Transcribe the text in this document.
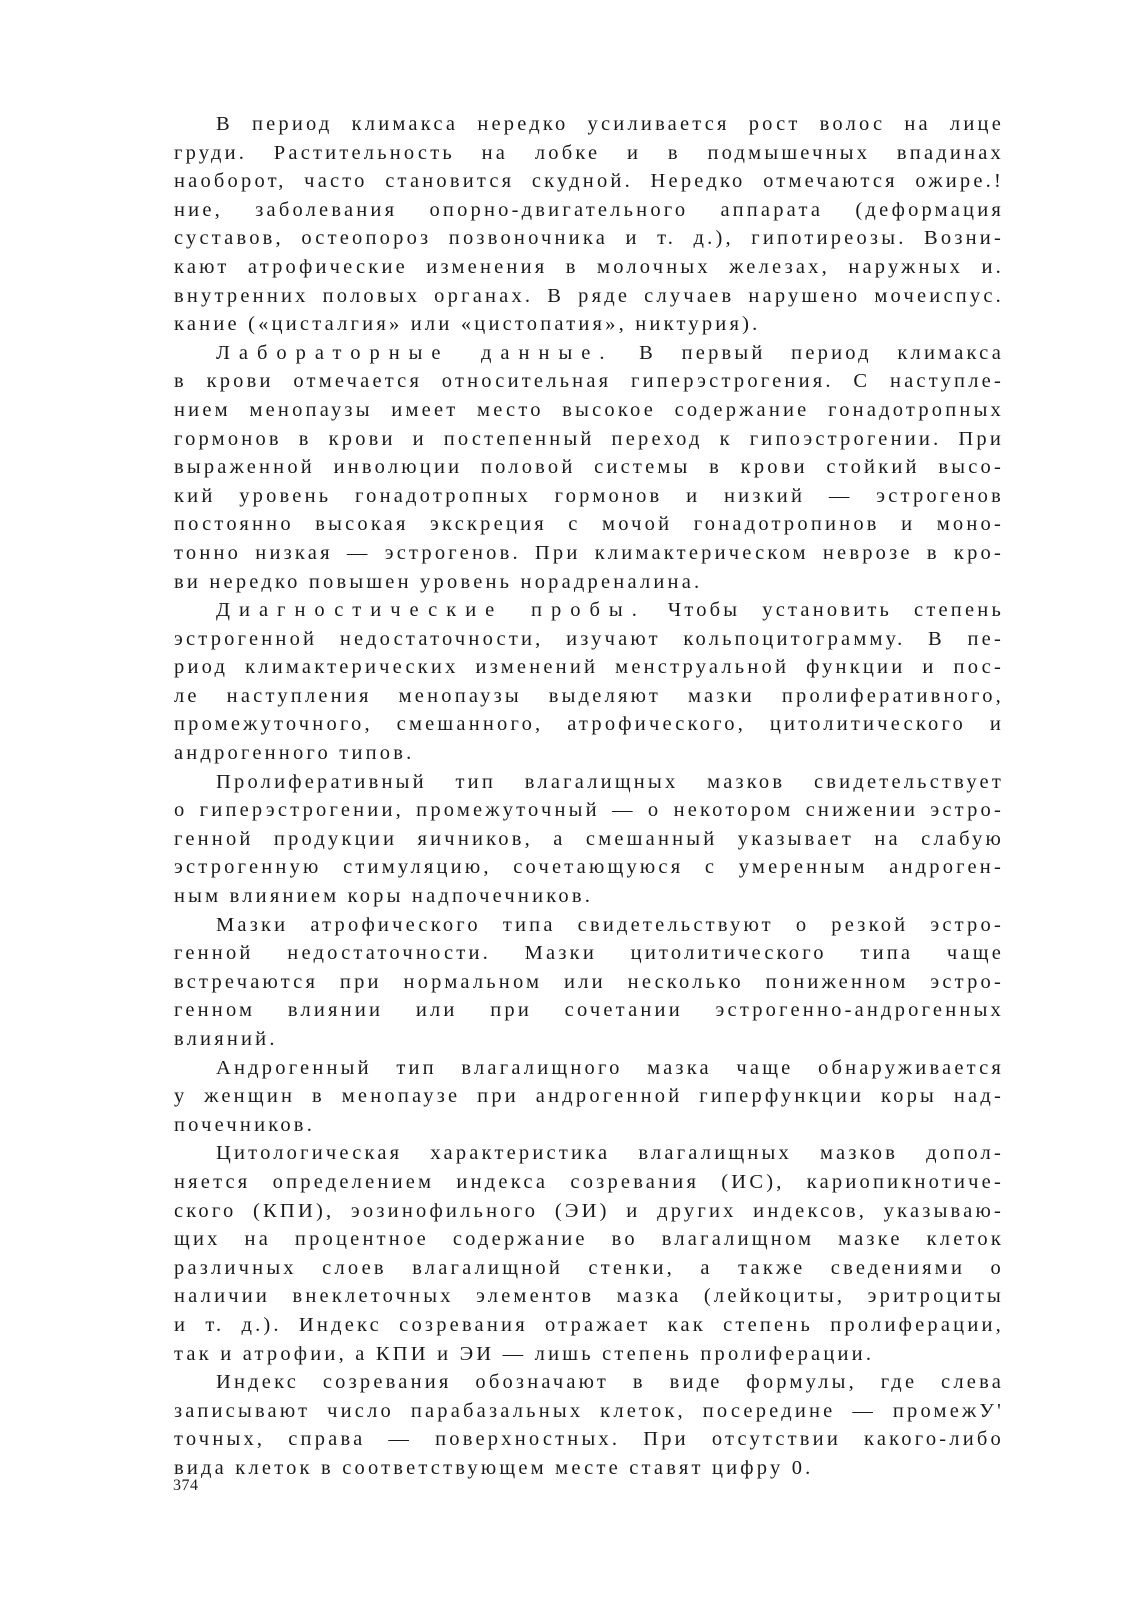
В период климакса нередко усиливается рост волос на лице
груди. Растительность на лобке и в подмышечных впадинах
наоборот, часто становится скудной. Нередко отмечаются ожире.!
ние, заболевания опорно-двигательного аппарата (деформация
суставов, остеопороз позвоночника и т. д.), гипотиреозы. Возни-
кают атрофические изменения в молочных железах, наружных и.
внутренних половых органах. В ряде случаев нарушено мочеиспус.
кание («цисталгия» или «цистопатия», никтурия).
Лабораторные данные. В первый период климакса
в крови отмечается относительная гиперэстрогения. С наступле-
нием менопаузы имеет место высокое содержание гонадотропных
гормонов в крови и постепенный переход к гипоэстрогении. При
выраженной инволюции половой системы в крови стойкий высо-
кий уровень гонадотропных гормонов и низкий — эстрогенов
постоянно высокая экскреция с мочой гонадотропинов и моно-
тонно низкая — эстрогенов. При климактерическом неврозе в кро-
ви нередко повышен уровень норадреналина.
Диагностические пробы. Чтобы установить степень
эстрогенной недостаточности, изучают кольпоцитограмму. В пе-
риод климактерических изменений менструальной функции и пос-
ле наступления менопаузы выделяют мазки пролиферативного,
промежуточного, смешанного, атрофического, цитолитического и
андрогенного типов.
Пролиферативный тип влагалищных мазков свидетельствует
о гиперэстрогении, промежуточный — о некотором снижении эстро-
генной продукции яичников, а смешанный указывает на слабую
эстрогенную стимуляцию, сочетающуюся с умеренным андроген-
ным влиянием коры надпочечников.
Мазки атрофического типа свидетельствуют о резкой эстро-
генной недостаточности. Мазки цитолитического типа чаще
встречаются при нормальном или несколько пониженном эстро-
генном влиянии или при сочетании эстрогенно-андрогенных
влияний.
Андрогенный тип влагалищного мазка чаще обнаруживается
у женщин в менопаузе при андрогенной гиперфункции коры над-
почечников.
Цитологическая характеристика влагалищных мазков допол-
няется определением индекса созревания (ИС), кариопикнотиче-
ского (КПИ), эозинофильного (ЭИ) и других индексов, указываю-
щих на процентное содержание во влагалищном мазке клеток
различных слоев влагалищной стенки, а также сведениями о
наличии внеклеточных элементов мазка (лейкоциты, эритроциты
и т. д.). Индекс созревания отражает как степень пролиферации,
так и атрофии, а КПИ и ЭИ — лишь степень пролиферации.
Индекс созревания обозначают в виде формулы, где слева
записывают число парабазальных клеток, посередине — промежУ'
точных, справа — поверхностных. При отсутствии какого-либо
вида клеток в соответствующем месте ставят цифру 0.
374
